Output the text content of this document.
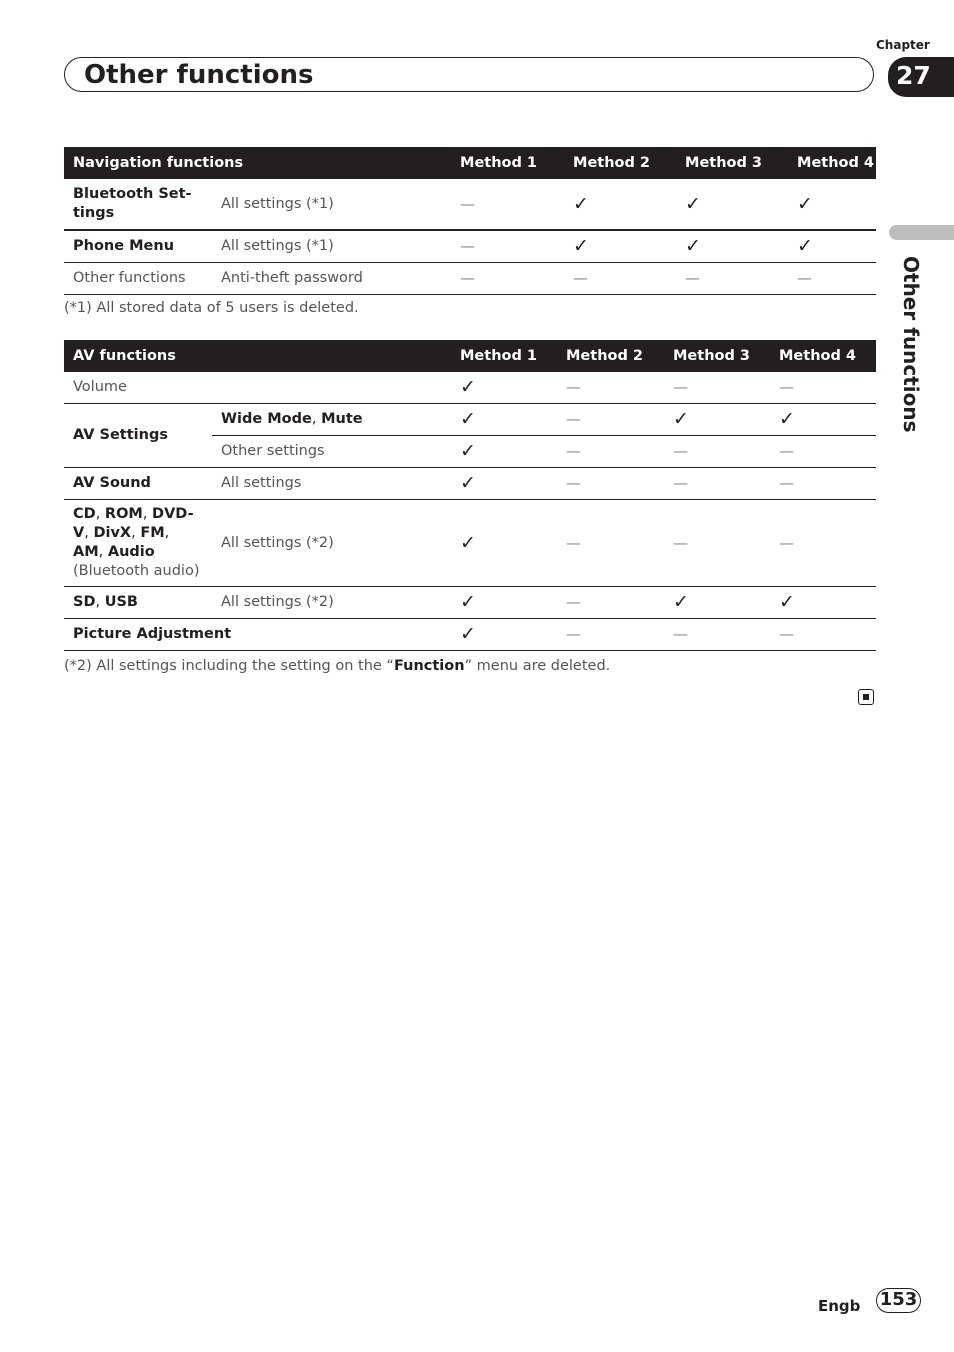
Chapter
Other functions	27
Other functions
Navigation functions		Method 1	Method 2	Method 3	Method 4
Bluetooth Set-tings	All settings (*1)	—	✓	✓	✓
Phone Menu	All settings (*1)	—	✓	✓	✓
Other functions	Anti-theft password	—	—	—	—
(*1) All stored data of 5 users is deleted.
AV functions		Method 1	Method 2	Method 3	Method 4
Volume		✓	—	—	—
AV Settings	Wide Mode, Mute	✓	—	✓	✓
	Other settings	✓	—	—	—
AV Sound	All settings	✓	—	—	—
CD, ROM, DVD-V, DivX, FM, AM, Audio (Bluetooth audio)	All settings (*2)	✓	—	—	—
SD, USB	All settings (*2)	✓	—	✓	✓
Picture Adjustment		✓	—	—	—
(*2) All settings including the setting on the “Function” menu are deleted.
Engb 153
